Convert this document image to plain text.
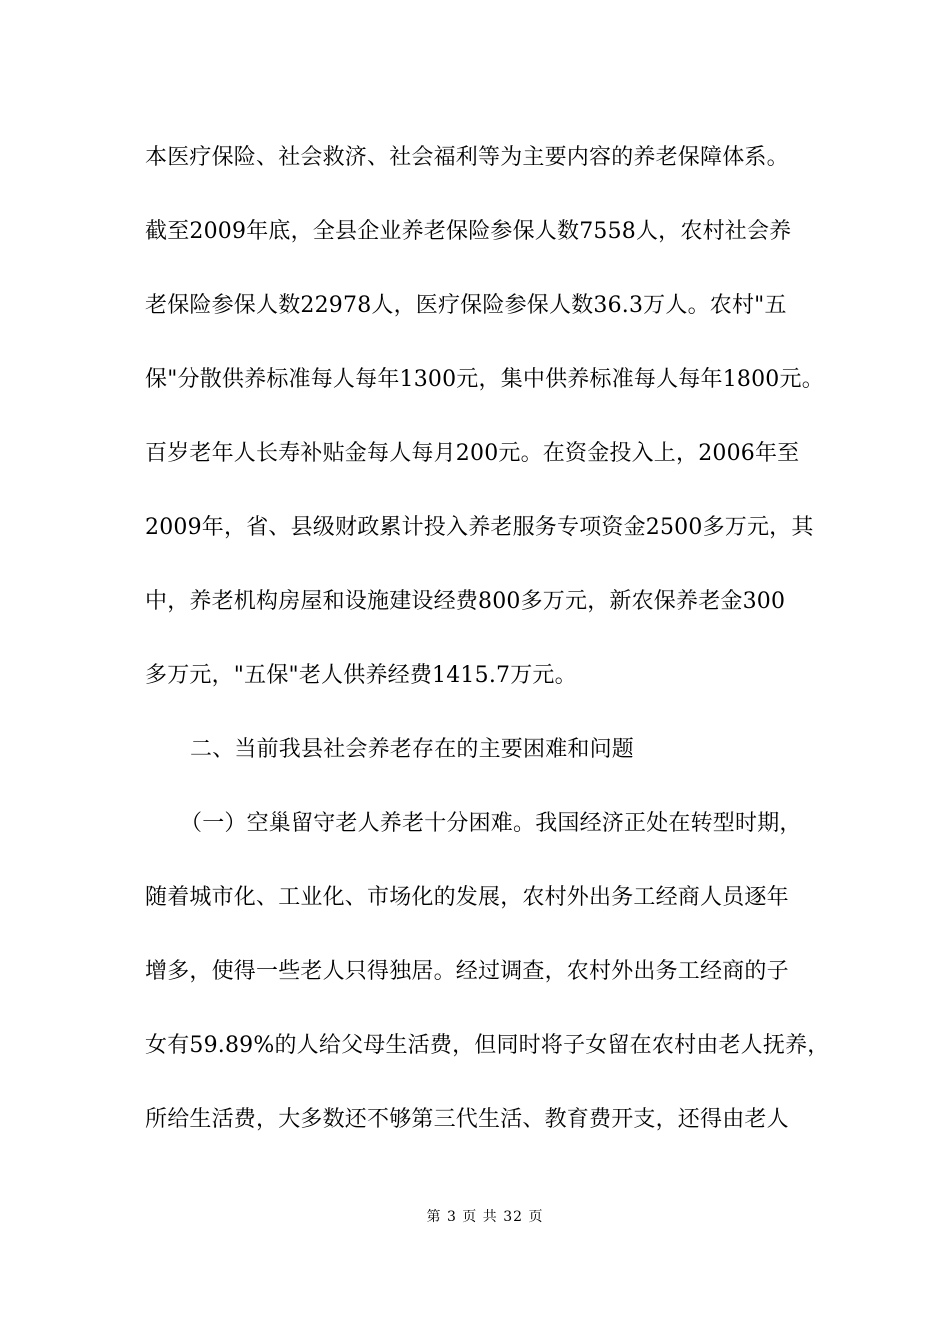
本医疗保险、社会救济、社会福利等为主要内容的养老保障体系。
截至2009年底，全县企业养老保险参保人数7558人，农村社会养
老保险参保人数22978人，医疗保险参保人数36.3万人。农村"五
保"分散供养标准每人每年1300元，集中供养标准每人每年1800元。
百岁老年人长寿补贴金每人每月200元。在资金投入上，2006年至
2009年，省、县级财政累计投入养老服务专项资金2500多万元，其
中，养老机构房屋和设施建设经费800多万元，新农保养老金300
多万元，"五保"老人供养经费1415.7万元。
二、当前我县社会养老存在的主要困难和问题
（一）空巢留守老人养老十分困难。我国经济正处在转型时期，
随着城市化、工业化、市场化的发展，农村外出务工经商人员逐年
增多，使得一些老人只得独居。经过调查，农村外出务工经商的子
女有59.89%的人给父母生活费，但同时将子女留在农村由老人抚养，
所给生活费，大多数还不够第三代生活、教育费开支，还得由老人
第 3 页 共 32 页
